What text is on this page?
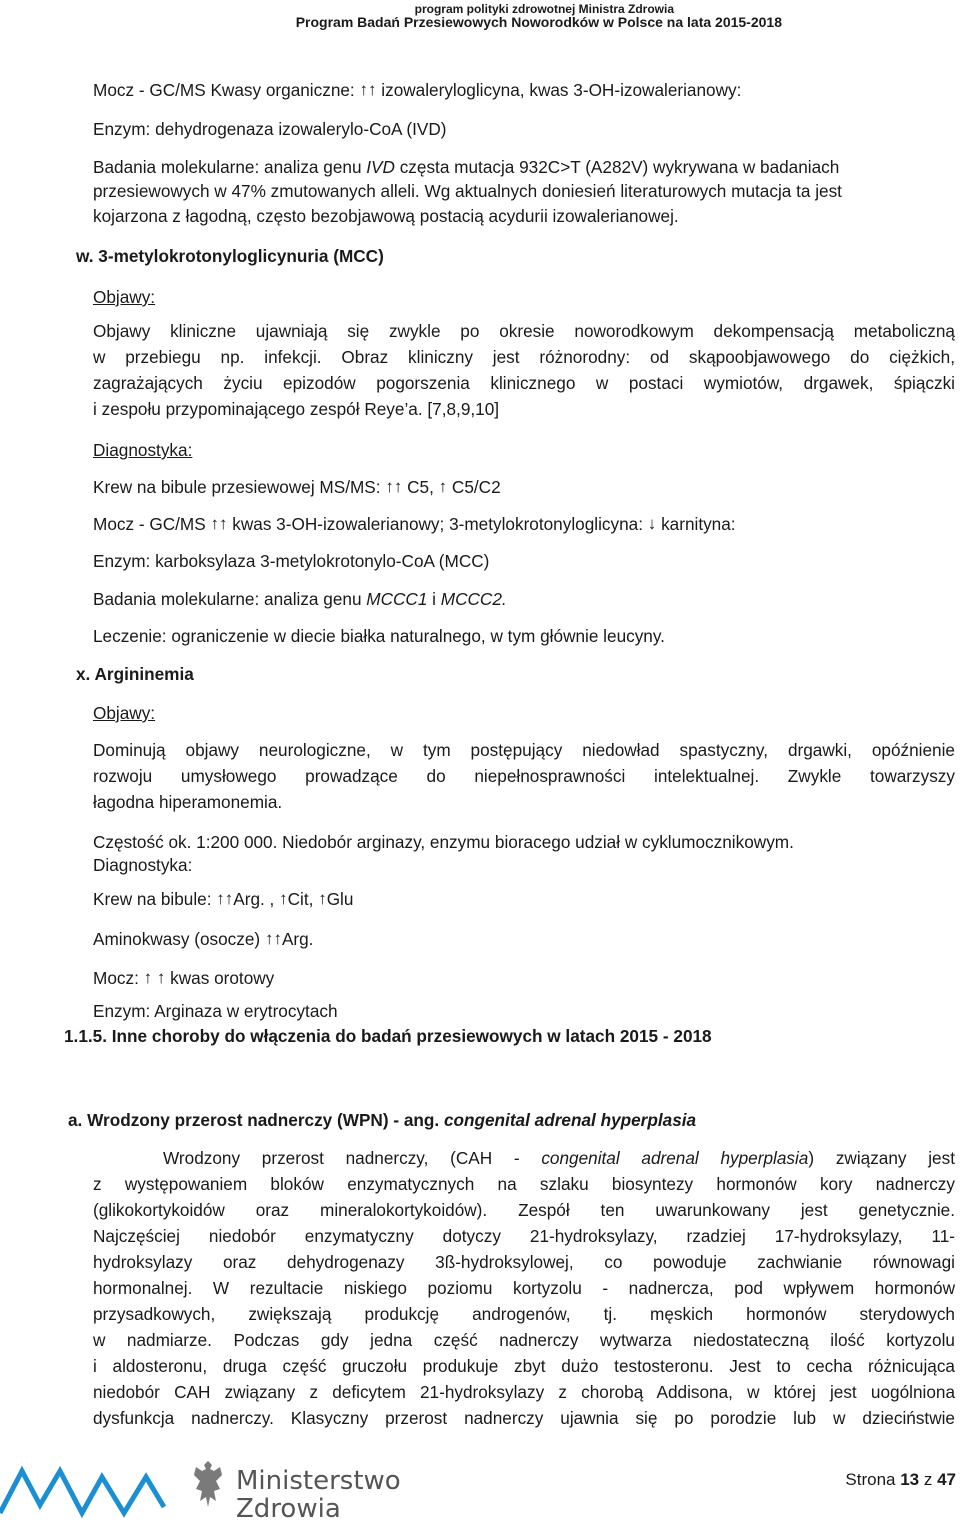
program polityki zdrowotnej Ministra Zdrowia
Program Badań Przesiewowych Noworodków w Polsce na lata 2015-2018
Mocz - GC/MS Kwasy organiczne: ↑↑ izowaleryloglicyna, kwas 3-OH-izowalerianowy:
Enzym: dehydrogenaza izowalerylo-CoA (IVD)
Badania molekularne: analiza genu IVD częsta mutacja 932C>T (A282V) wykrywana w badaniach
przesiewowych w 47% zmutowanych alleli. Wg aktualnych doniesień literaturowych mutacja ta jest
kojarzona z łagodną, często bezobjawową postacią acydurii izowalerianowej.
w. 3-metylokrotonyloglicynuria (MCC)
Objawy:
Objawy kliniczne ujawniają się zwykle po okresie noworodkowym dekompensacją metaboliczną
w przebiegu np. infekcji. Obraz kliniczny jest różnorodny: od skąpoobjawowego do ciężkich,
zagrażających życiu epizodów pogorszenia klinicznego w postaci wymiotów, drgawek, śpiączki
i zespołu przypominającego zespół Reye’a. [7,8,9,10]
Diagnostyka:
Krew na bibule przesiewowej MS/MS: ↑↑ C5, ↑ C5/C2
Mocz - GC/MS ↑↑ kwas 3-OH-izowalerianowy; 3-metylokrotonyloglicyna: ↓ karnityna:
Enzym: karboksylaza 3-metylokrotonylo-CoA (MCC)
Badania molekularne: analiza genu MCCC1 i MCCC2.
Leczenie: ograniczenie w diecie białka naturalnego, w tym głównie leucyny.
x. Argininemia
Objawy:
Dominują objawy neurologiczne, w tym postępujący niedowład spastyczny, drgawki, opóźnienie
rozwoju umysłowego prowadzące do niepełnosprawności intelektualnej. Zwykle towarzyszy
łagodna hiperamonemia.
Częstość ok. 1:200 000. Niedobór arginazy, enzymu bioracego udział w cyklumocznikowym.
Diagnostyka:
Krew na bibule: ↑↑Arg. , ↑Cit, ↑Glu
Aminokwasy (osocze) ↑↑Arg.
Mocz: ↑ ↑ kwas orotowy
Enzym: Arginaza w erytrocytach
1.1.5. Inne choroby do włączenia do badań przesiewowych w latach 2015 - 2018
a. Wrodzony przerost nadnerczy (WPN) - ang. congenital adrenal hyperplasia
Wrodzony przerost nadnerczy, (CAH - congenital adrenal hyperplasia) związany jest
z występowaniem bloków enzymatycznych na szlaku biosyntezy hormonów kory nadnerczy
(glikokortykoidów oraz mineralokortykoidów). Zespół ten uwarunkowany jest genetycznie.
Najczęściej niedobór enzymatyczny dotyczy 21-hydroksylazy, rzadziej 17-hydroksylazy, 11-
hydroksylazy oraz dehydrogenazy 3ß-hydroksylowej, co powoduje zachwianie równowagi
hormonalnej. W rezultacie niskiego poziomu kortyzolu - nadnercza, pod wpływem hormonów
przysadkowych, zwiększają produkcję androgenów, tj. męskich hormonów sterydowych
w nadmiarze. Podczas gdy jedna część nadnerczy wytwarza niedostateczną ilość kortyzolu
i aldosteronu, druga część gruczołu produkuje zbyt dużo testosteronu. Jest to cecha różnicująca
niedobór CAH związany z deficytem 21-hydroksylazy z chorobą Addisona, w której jest uogólniona
dysfunkcja nadnerczy. Klasyczny przerost nadnerczy ujawnia się po porodzie lub w dzieciństwie
Ministerstwo
Zdrowia
Strona 13 z 47
